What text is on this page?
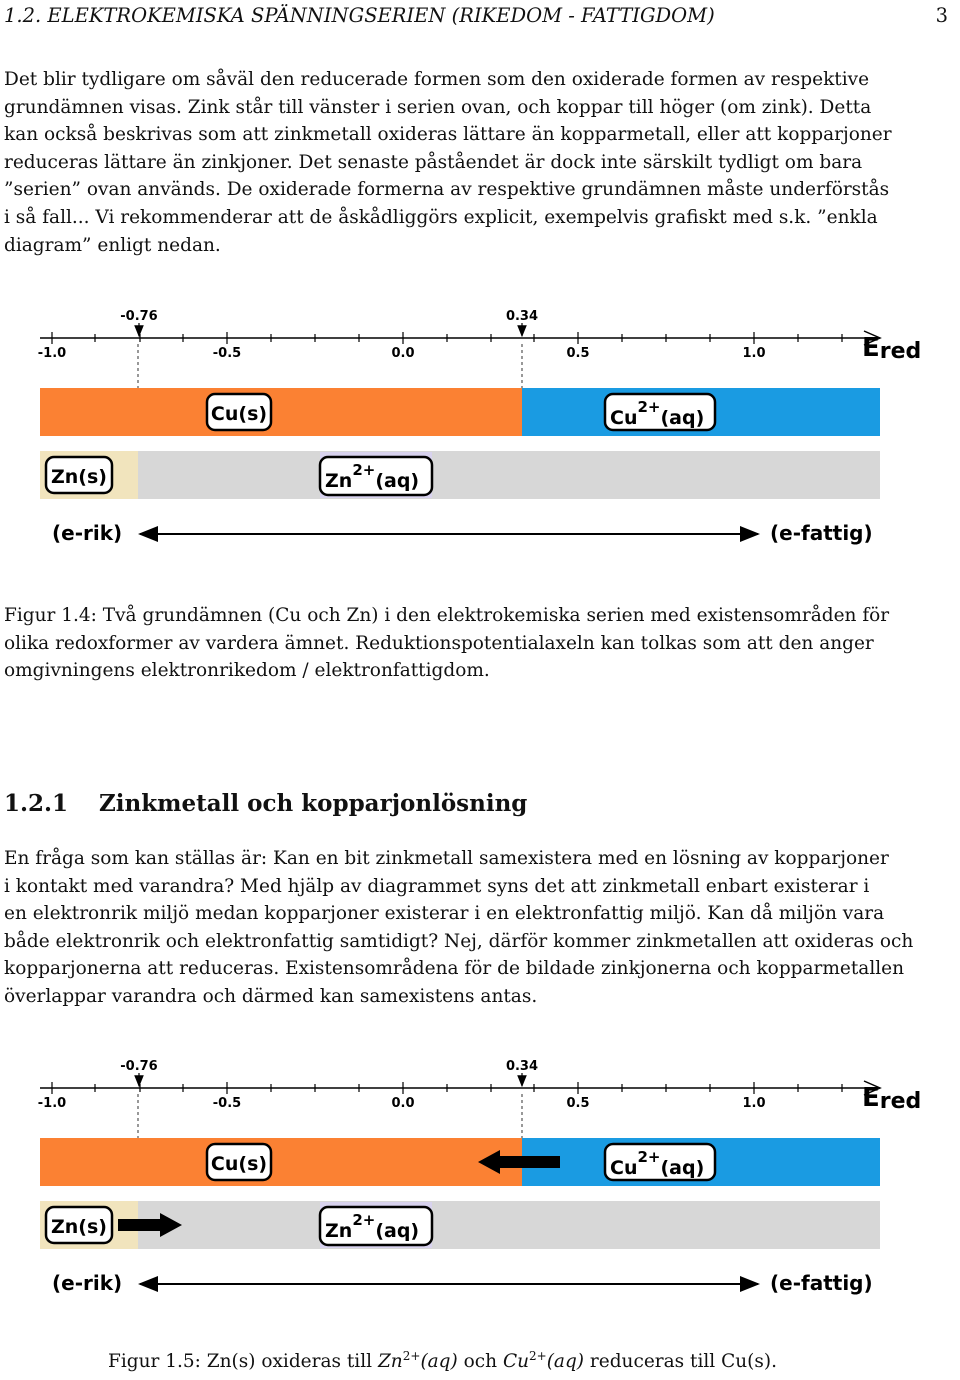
1.2. ELEKTROKEMISKA SPÄNNINGSERIEN (RIKEDOM - FATTIGDOM)	3
Det blir tydligare om såväl den reducerade formen som den oxiderade formen av respektive
grundämnen visas. Zink står till vänster i serien ovan, och koppar till höger (om zink). Detta
kan också beskrivas som att zinkmetall oxideras lättare än kopparmetall, eller att kopparjoner
reduceras lättare än zinkjoner. Det senaste påståendet är dock inte särskilt tydligt om bara
”serien” ovan används. De oxiderade formerna av respektive grundämnen måste underförstås
i så fall... Vi rekommenderar att de åskådliggörs explicit, exempelvis grafiskt med s.k. ”enkla
diagram” enligt nedan.
-1.0	-0.5	0.0	0.5	1.0
-0.76	0.34
Ered
Cu(s)	$Cu^{2+}(aq)$
Zn(s)	$Zn^{2+}(aq)$
(e-rik)	(e-fattig)
Figur 1.4: Två grundämnen (Cu och Zn) i den elektrokemiska serien med existensområden för
olika redoxformer av vardera ämnet. Reduktionspotentialaxeln kan tolkas som att den anger
omgivningens elektronrikedom / elektronfattigdom.
1.2.1 Zinkmetall och kopparjonlösning
En fråga som kan ställas är: Kan en bit zinkmetall samexistera med en lösning av kopparjoner
i kontakt med varandra? Med hjälp av diagrammet syns det att zinkmetall enbart existerar i
en elektronrik miljö medan kopparjoner existerar i en elektronfattig miljö. Kan då miljön vara
både elektronrik och elektronfattig samtidigt? Nej, därför kommer zinkmetallen att oxideras och
kopparjonerna att reduceras. Existensområdena för de bildade zinkjonerna och kopparmetallen
överlappar varandra och därmed kan samexistens antas.
-1.0	-0.5	0.0	0.5	1.0
-0.76	0.34
Ered
Cu(s)	$Cu^{2+}(aq)$
Zn(s)	$Zn^{2+}(aq)$
(e-rik)	(e-fattig)

Figur 1.5: Zn(s) oxideras till $Zn^{2+}(aq)$ och $Cu^{2+}(aq)$ reduceras till Cu(s).
